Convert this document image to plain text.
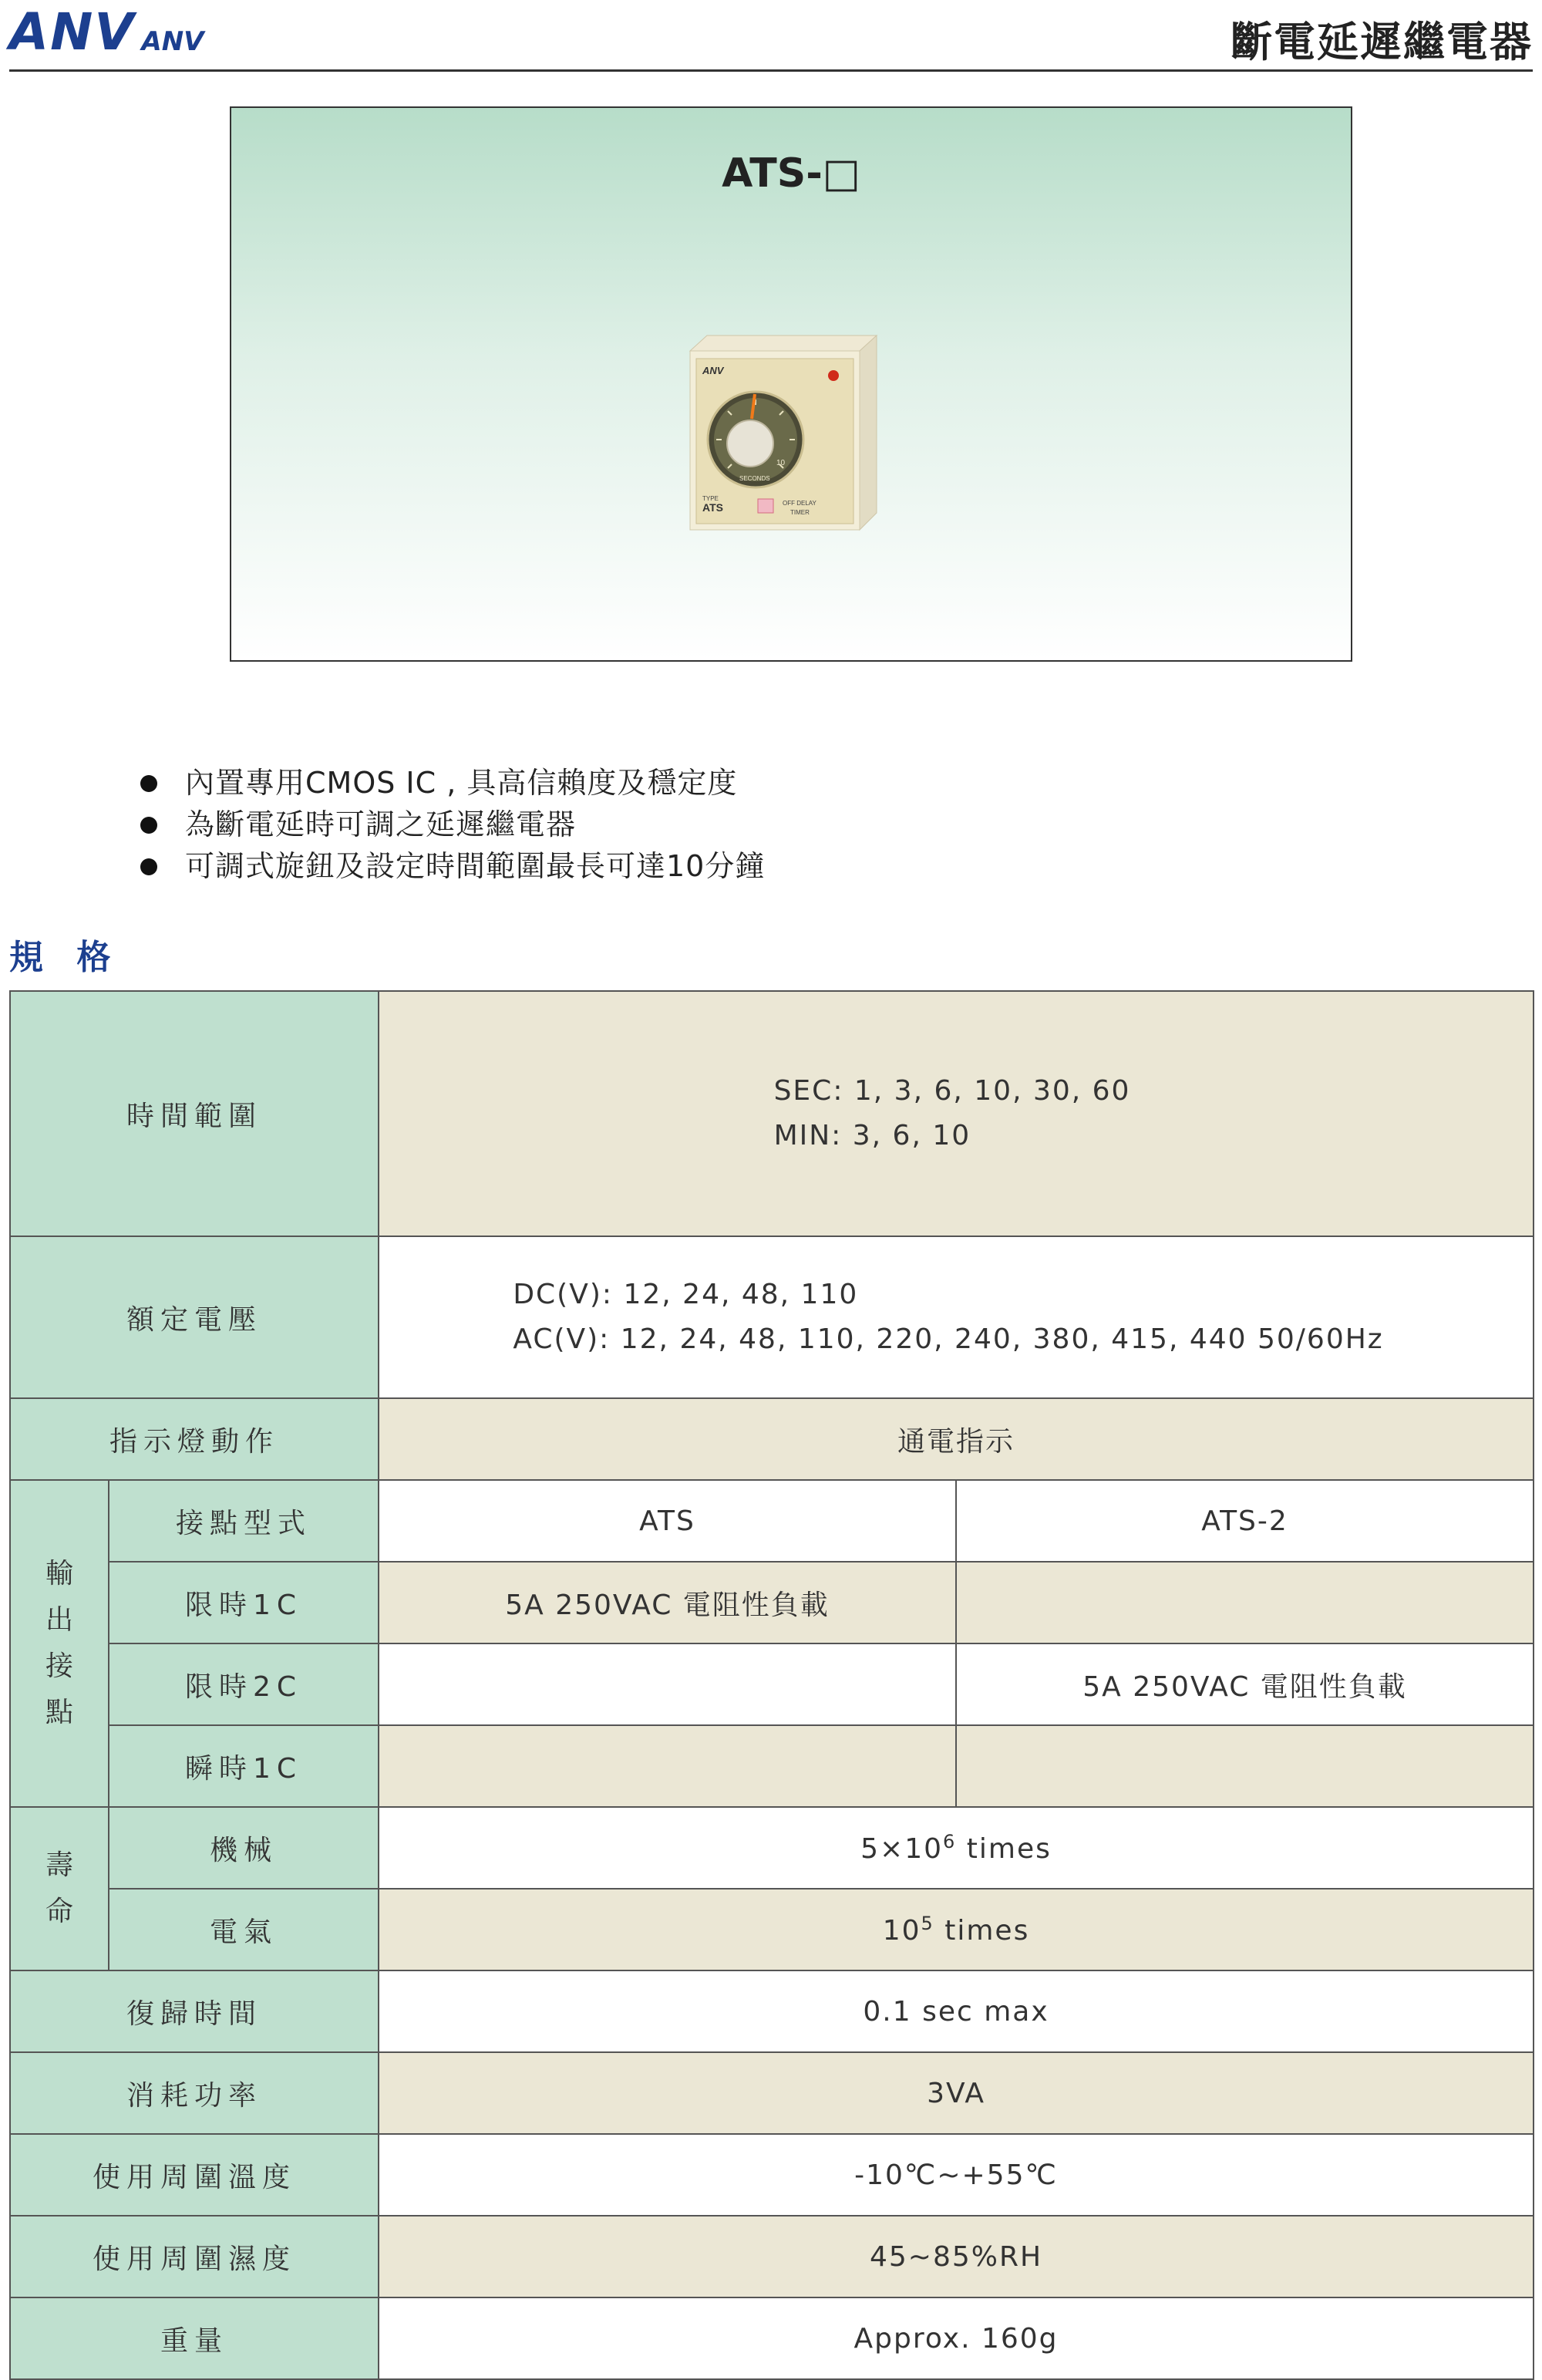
ANV ANV	斷電延遲繼電器
ATS-□
ANV
10
SECONDS
TYPE
ATS	OFF DELAY
TIMER
內置專用CMOS IC , 具高信賴度及穩定度
為斷電延時可調之延遲繼電器
可調式旋鈕及設定時間範圍最長可達10分鐘
規 格
時間範圍		SEC: 1, 3, 6, 10, 30, 60
MIN: 3, 6, 10	
額定電壓		DC(V): 12, 24, 48, 110
AC(V): 12, 24, 48, 110, 220, 240, 380, 415, 440 50/60Hz	
指示燈動作		通電指示	

輸
出
接
點	接點型式	ATS	ATS-2
	限時1C	5A 250VAC 電阻性負載	
	限時2C		5A 250VAC 電阻性負載
	瞬時1C		

壽
命	機械	$5\times 10^6$ times	
	電氣	$10^5$ times	
復歸時間		0.1 sec max	
消耗功率		3VA	
使用周圍溫度		-10℃~+55℃	
使用周圍濕度		45~85%RH	
重量		Approx. 160g	
